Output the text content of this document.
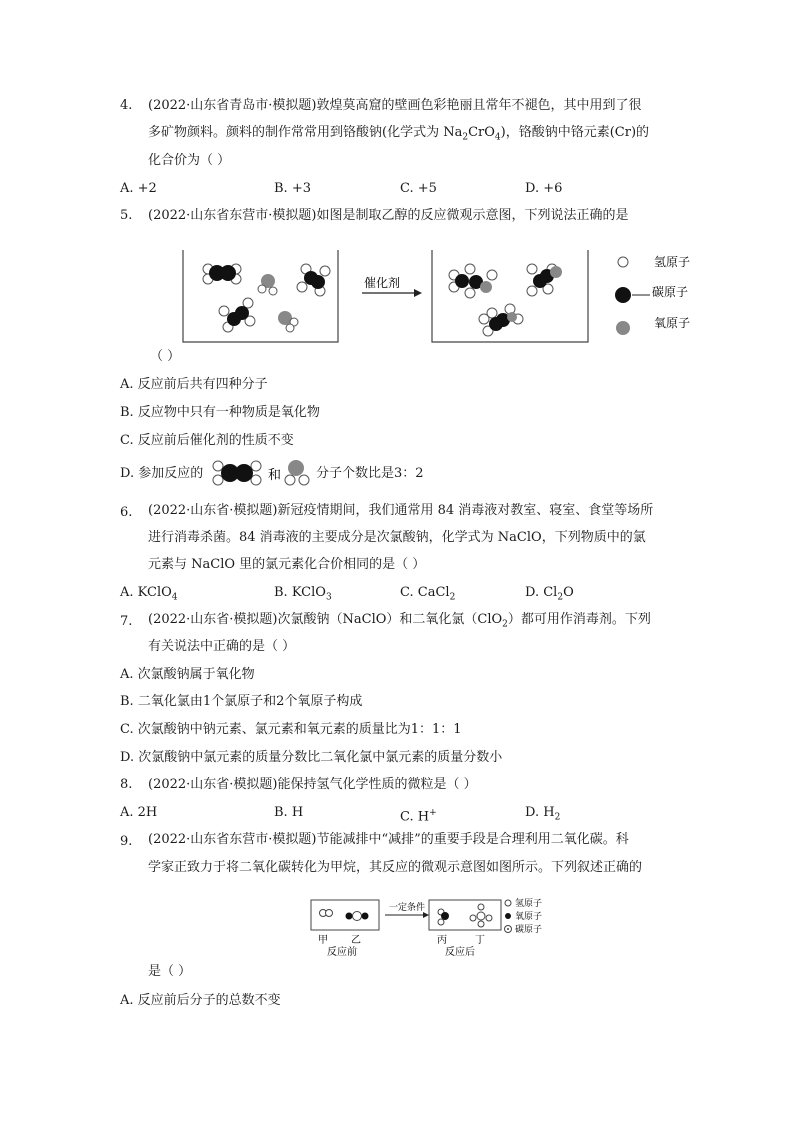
4. (2022·山东省青岛市·模拟题)敦煌莫高窟的壁画色彩艳丽且常年不褪色，其中用到了很
多矿物颜料。颜料的制作常常用到铬酸钠(化学式为 $Na_2CrO_4$)，铬酸钠中铬元素(Cr)的
化合价为（ ）
A. +2	B. +3	C. +5	D. +6
5. (2022·山东省东营市·模拟题)如图是制取乙醇的反应微观示意图，下列说法正确的是
催化剂
氢原子
碳原子
氧原子
（ ）
A. 反应前后共有四种分子
B. 反应物中只有一种物质是氧化物
C. 反应前后催化剂的性质不变
D. 参加反应的	和	分子个数比是3：2
6. (2022·山东省·模拟题)新冠疫情期间，我们通常用 84 消毒液对教室、寝室、食堂等场所
进行消毒杀菌。84 消毒液的主要成分是次氯酸钠，化学式为 NaClO，下列物质中的氯
元素与 NaClO 里的氯元素化合价相同的是（ ）
A. KClO$_4$	B. KClO$_3$	C. CaCl$_2$	D. $Cl_2O$
7. (2022·山东省·模拟题)次氯酸钠（NaClO）和二氧化氯（ClO$_2$）都可用作消毒剂。下列
有关说法中正确的是（ ）
A. 次氯酸钠属于氧化物
B. 二氧化氯由1个氯原子和2个氧原子构成
C. 次氯酸钠中钠元素、氯元素和氧元素的质量比为1：1：1
D. 次氯酸钠中氯元素的质量分数比二氧化氯中氯元素的质量分数小
8. (2022·山东省·模拟题)能保持氢气化学性质的微粒是（ ）
A. 2H	B. H	C. H+	D. $H_2$
9. (2022·山东省东营市·模拟题)节能减排中“减排”的重要手段是合理利用二氧化碳。科
学家正致力于将二氧化碳转化为甲烷，其反应的微观示意图如图所示。下列叙述正确的
一定条件
甲 乙	丙	丁
反应前	反应后
氢原子
氧原子
碳原子
是（ ）
A. 反应前后分子的总数不变
